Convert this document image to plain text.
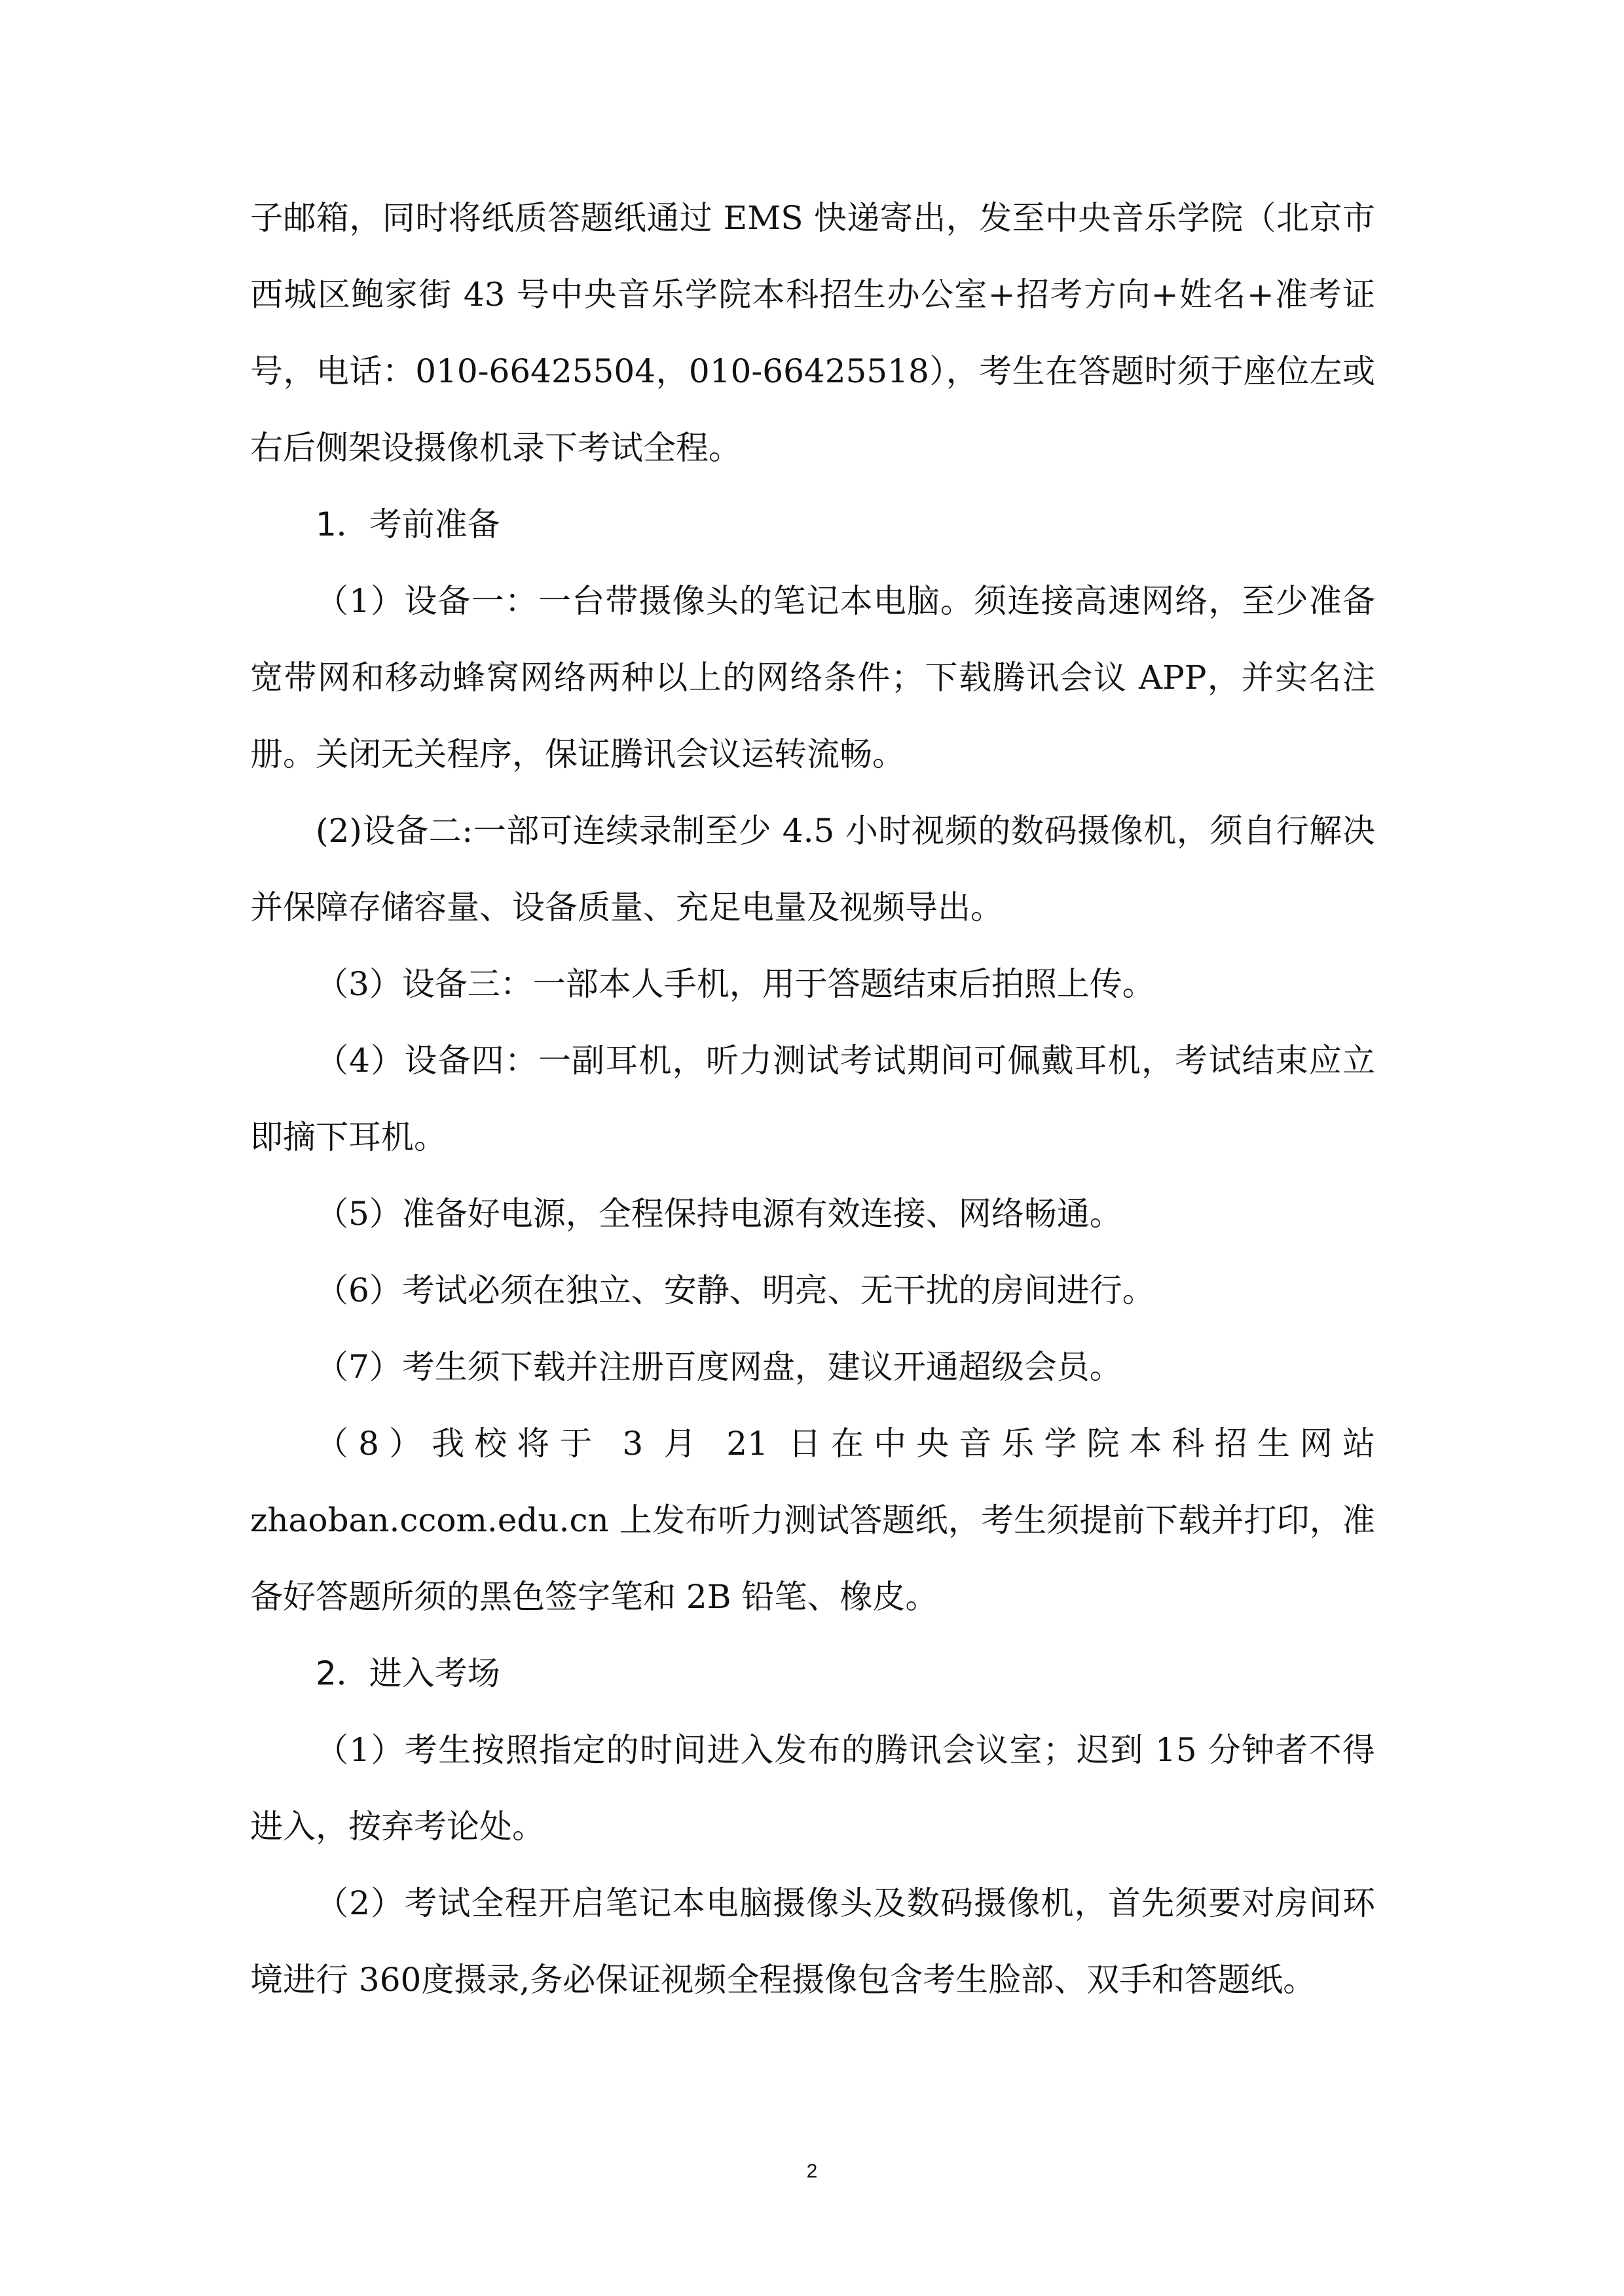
子邮箱，同时将纸质答题纸通过 EMS 快递寄出，发至中央音乐学院（北京市西城区鲍家街 43 号中央音乐学院本科招生办公室+招考方向+姓名+准考证号，电话：010-66425504，010-66425518），考生在答题时须于座位左或右后侧架设摄像机录下考试全程。

1．考前准备

（1）设备一：一台带摄像头的笔记本电脑。须连接高速网络，至少准备宽带网和移动蜂窝网络两种以上的网络条件；下载腾讯会议 APP，并实名注册。关闭无关程序，保证腾讯会议运转流畅。

(2)设备二:一部可连续录制至少 4.5 小时视频的数码摄像机，须自行解决并保障存储容量、设备质量、充足电量及视频导出。

（3）设备三：一部本人手机，用于答题结束后拍照上传。

（4）设备四：一副耳机，听力测试考试期间可佩戴耳机，考试结束应立即摘下耳机。

（5）准备好电源，全程保持电源有效连接、网络畅通。

（6）考试必须在独立、安静、明亮、无干扰的房间进行。

（7）考生须下载并注册百度网盘，建议开通超级会员。

（8）我校将于 3 月 21 日在中央音乐学院本科招生网站 zhaoban.ccom.edu.cn 上发布听力测试答题纸，考生须提前下载并打印，准备好答题所须的黑色签字笔和 2B 铅笔、橡皮。

2．进入考场

（1）考生按照指定的时间进入发布的腾讯会议室；迟到 15 分钟者不得进入，按弃考论处。

（2）考试全程开启笔记本电脑摄像头及数码摄像机，首先须要对房间环境进行 360度摄录,务必保证视频全程摄像包含考生脸部、双手和答题纸。

2
